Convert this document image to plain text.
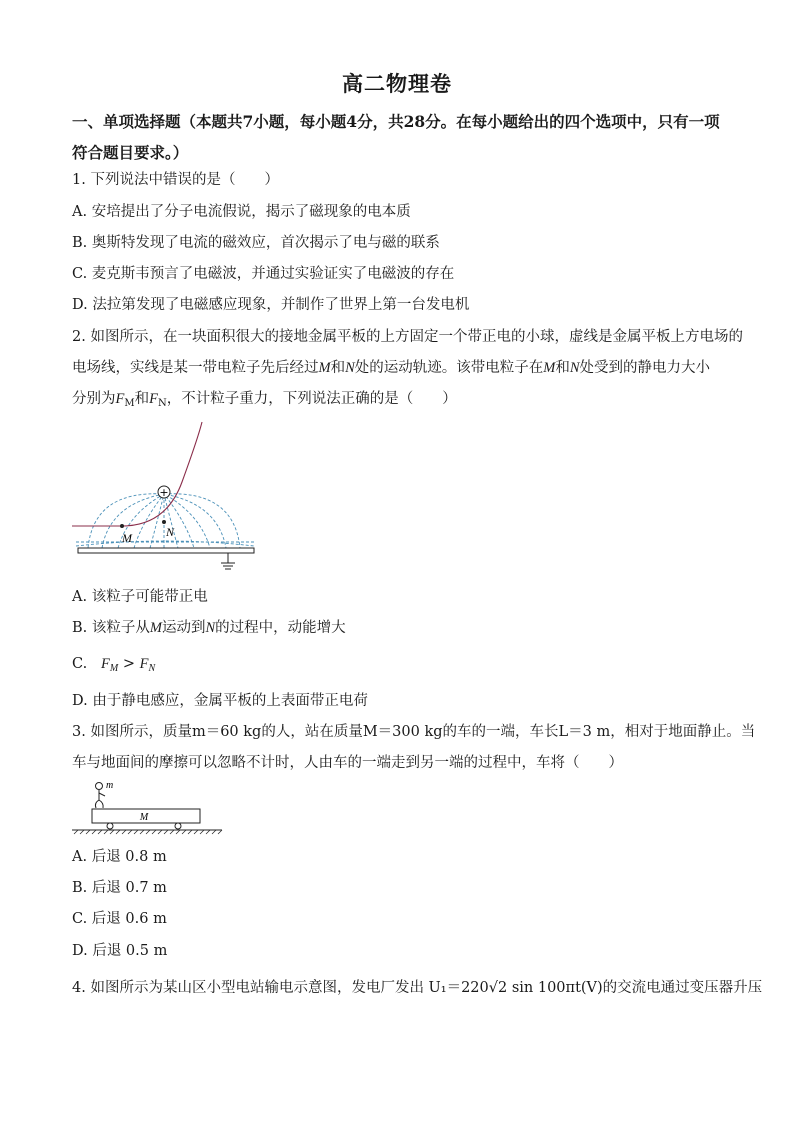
高二物理卷
一、单项选择题（本题共7小题，每小题4分，共28分。在每小题给出的四个选项中，只有一项符合题目要求。）
1. 下列说法中错误的是（　　）
A. 安培提出了分子电流假说，揭示了磁现象的电本质
B. 奥斯特发现了电流的磁效应，首次揭示了电与磁的联系
C. 麦克斯韦预言了电磁波，并通过实验证实了电磁波的存在
D. 法拉第发现了电磁感应现象，并制作了世界上第一台发电机
2. 如图所示，在一块面积很大的接地金属平板的上方固定一个带正电的小球，虚线是金属平板上方电场的
电场线，实线是某一带电粒子先后经过M和N处的运动轨迹。该带电粒子在M和N处受到的静电力大小
分别为$F_M$和$F_N$，不计粒子重力，下列说法正确的是（　　）
+
M	N
A. 该粒子可能带正电
B. 该粒子从M运动到N的过程中，动能增大
C. $F_M > F_N$
D. 由于静电感应，金属平板的上表面带正电荷
3. 如图所示，质量m＝60 kg的人，站在质量M＝300 kg的车的一端，车长L＝3 m，相对于地面静止。当
车与地面间的摩擦可以忽略不计时，人由车的一端走到另一端的过程中，车将（　　）
m
M
A. 后退 0.8 m
B. 后退 0.7 m
C. 后退 0.6 m
D. 后退 0.5 m
4. 如图所示为某山区小型电站输电示意图，发电厂发出 U₁＝220√2 sin 100πt(V)的交流电通过变压器升压
